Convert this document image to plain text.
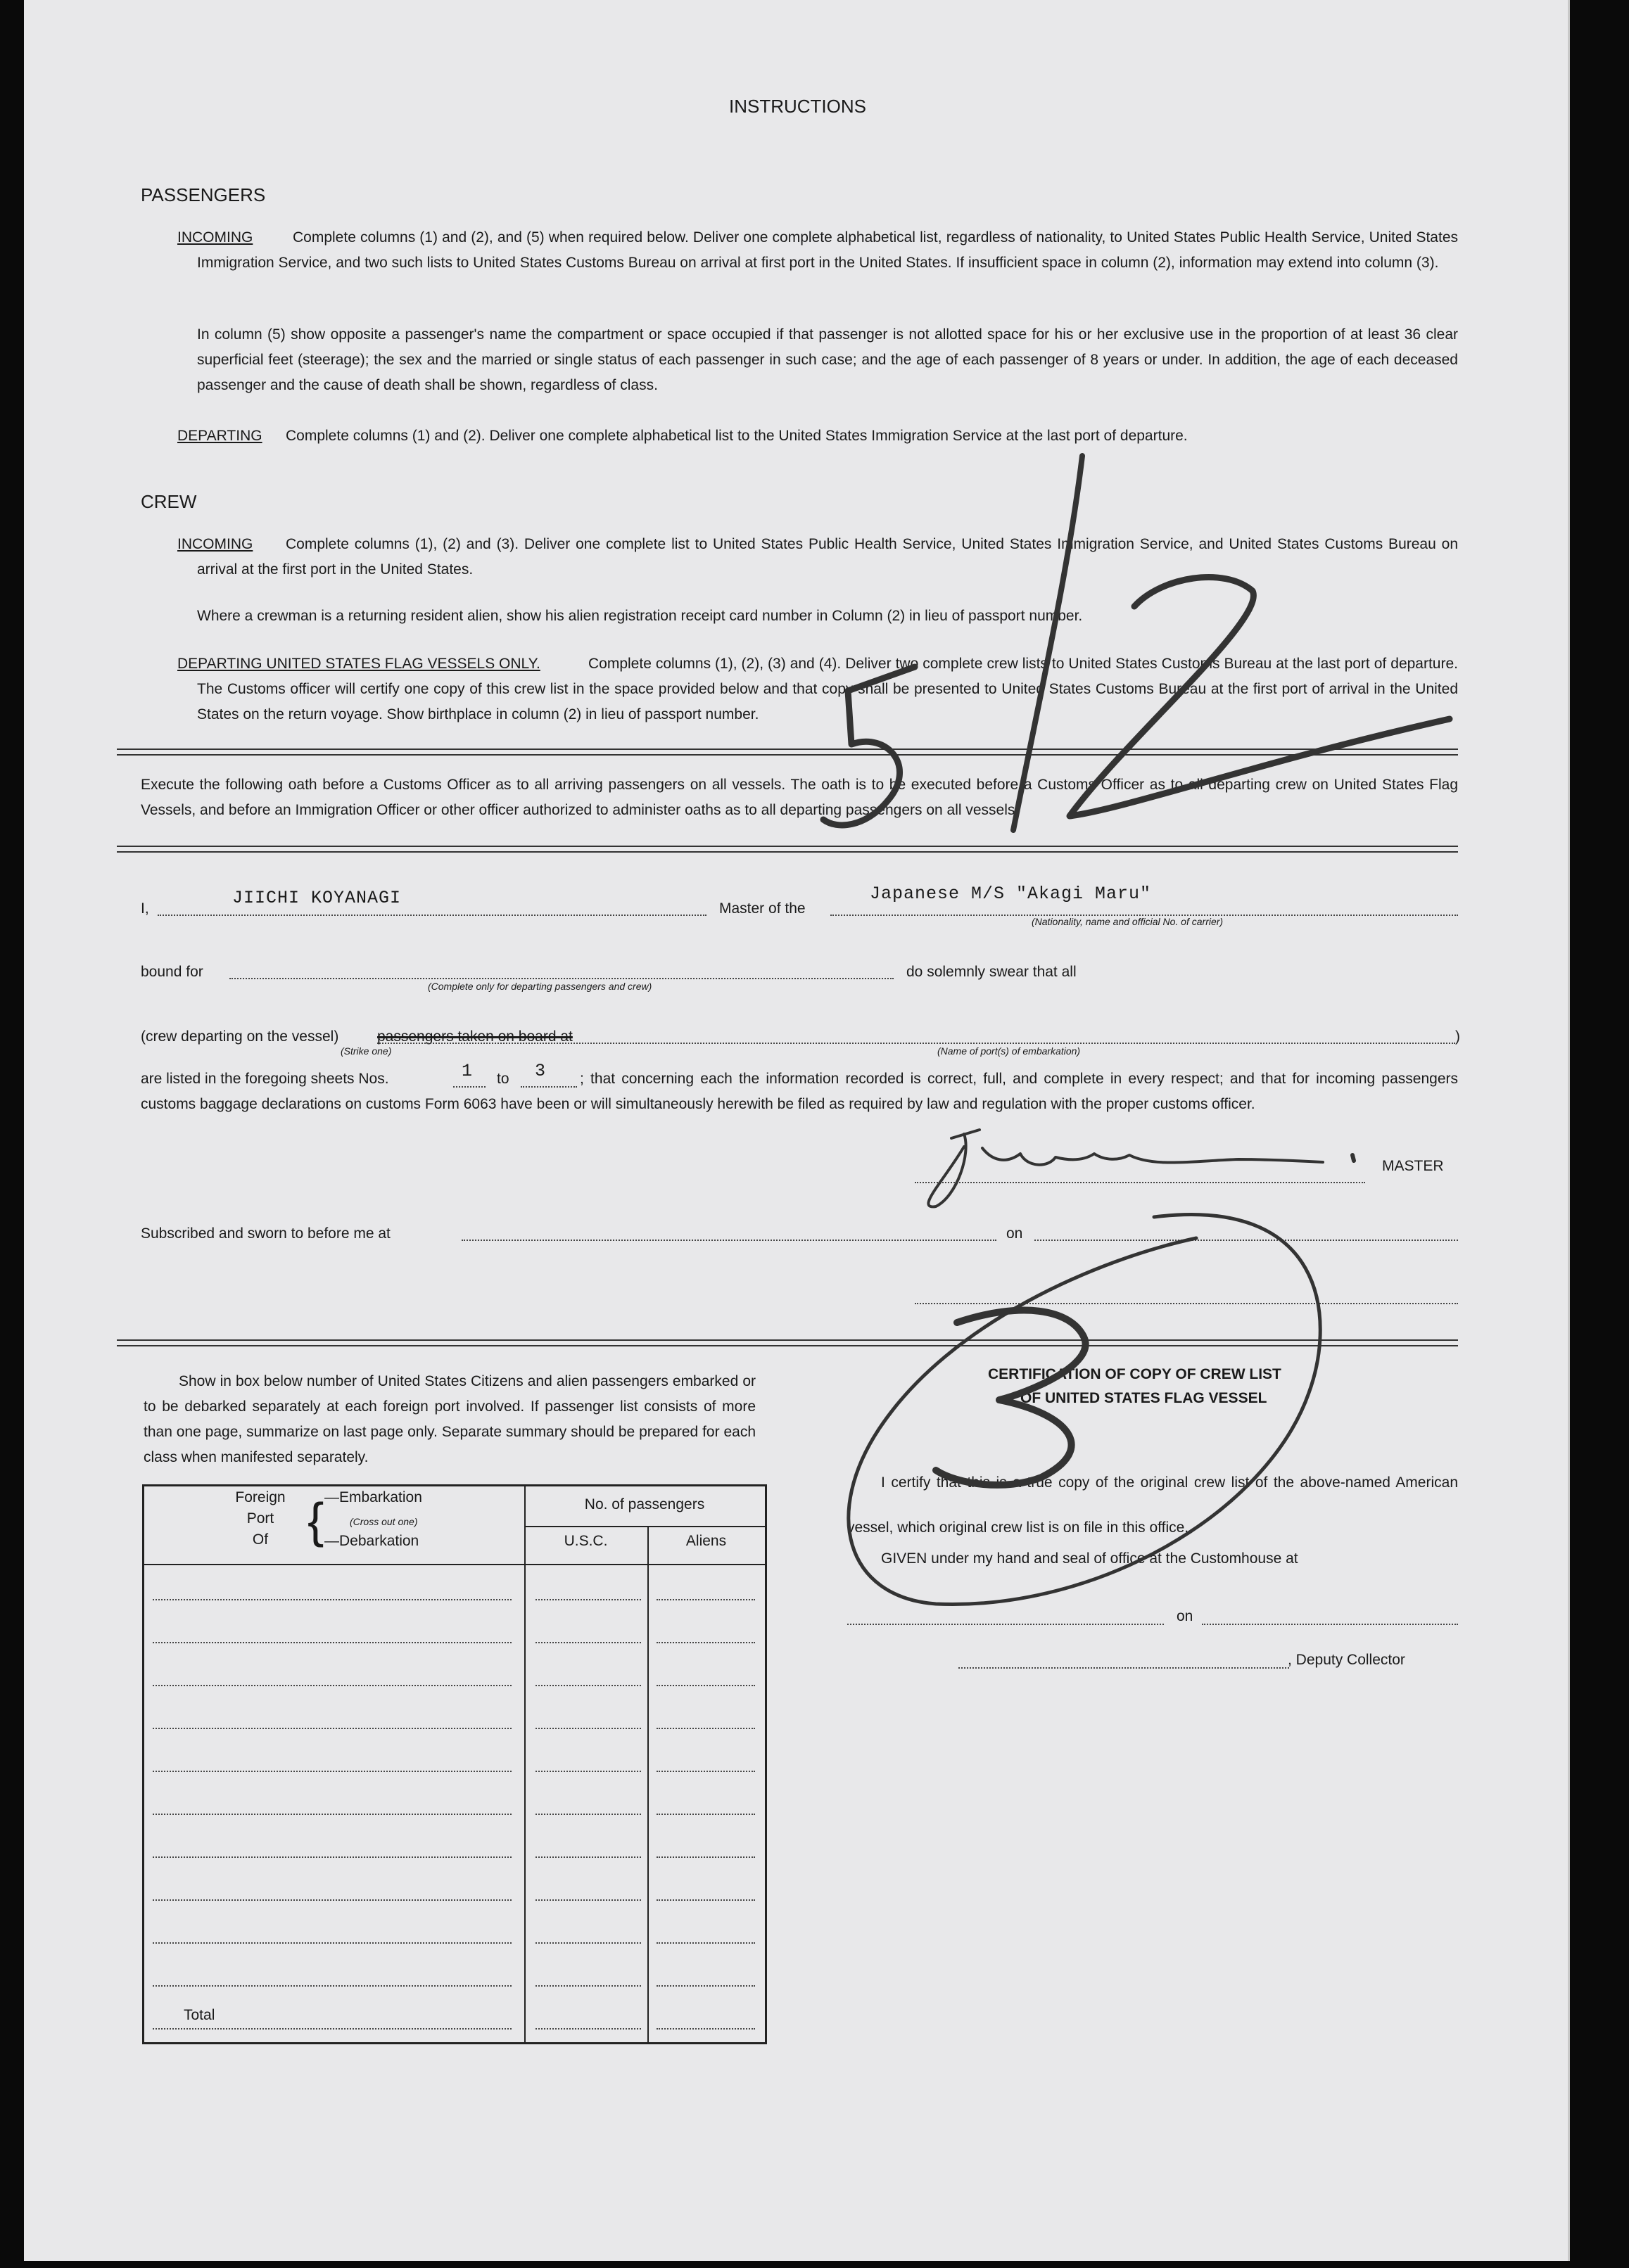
INSTRUCTIONS
PASSENGERS
INCOMING	Complete columns (1) and (2), and (5) when required below. Deliver one complete alphabetical list, regardless of nationality, to United States Public Health Service, United States Immigration Service, and two such lists to United States Customs Bureau on arrival at first port in the United States. If insufficient space in column (2), information may extend into column (3).
In column (5) show opposite a passenger's name the compartment or space occupied if that passenger is not allotted space for his or her exclusive use in the proportion of at least 36 clear superficial feet (steerage); the sex and the married or single status of each passenger in such case; and the age of each passenger of 8 years or under. In addition, the age of each deceased passenger and the cause of death shall be shown, regardless of class.
DEPARTING Complete columns (1) and (2). Deliver one complete alphabetical list to the United States Immigration Service at the last port of departure.
CREW
INCOMING	Complete columns (1), (2) and (3). Deliver one complete list to United States Public Health Service, United States Immigration Service, and United States Customs Bureau on arrival at the first port in the United States.
Where a crewman is a returning resident alien, show his alien registration receipt card number in Column (2) in lieu of passport number.
DEPARTING UNITED STATES FLAG VESSELS ONLY.	Complete columns (1), (2), (3) and (4). Deliver two complete crew lists to United States Customs Bureau at the last port of departure. The Customs officer will certify one copy of this crew list in the space provided below and that copy shall be presented to United States Customs Bureau at the first port of arrival in the United States on the return voyage. Show birthplace in column (2) in lieu of passport number.
Execute the following oath before a Customs Officer as to all arriving passengers on all vessels. The oath is to be executed before a Customs Officer as to all departing crew on United States Flag Vessels, and before an Immigration Officer or other officer authorized to administer oaths as to all departing passengers on all vessels.
I,
JIICHI KOYANAGI
Master of the
Japanese M/S "Akagi Maru"
(Nationality, name and official No. of carrier)
bound for
(Complete only for departing passengers and crew)
do solemnly swear that all
(crew departing on the vessel)	passengers taken on board at
(Strike one)	(Name of port(s) of embarkation)
)
are listed in the foregoing sheets Nos.	1 to 3	; that concerning each the information recorded is correct, full, and complete in every respect; and that for incoming passengers customs baggage declarations on customs Form 6063 have been or will simultaneously herewith be filed as required by law and regulation with the proper customs officer.
MASTER
Subscribed and sworn to before me at	on
Show in box below number of United States Citizens and alien passengers embarked or to be debarked separately at each foreign port involved. If passenger list consists of more than one page, summarize on last page only. Separate summary should be prepared for each class when manifested separately.
Foreign
Port
Of { —Embarkation
(Cross out one)
—Debarkation
No. of passengers
U.S.C.	Aliens
Total
CERTIFICATION OF COPY OF CREW LIST
OF UNITED STATES FLAG VESSEL
I certify that this is a true copy of the original crew list of the above-named American vessel, which original crew list is on file in this office.
GIVEN under my hand and seal of office at the Customhouse at
on
, Deputy Collector
